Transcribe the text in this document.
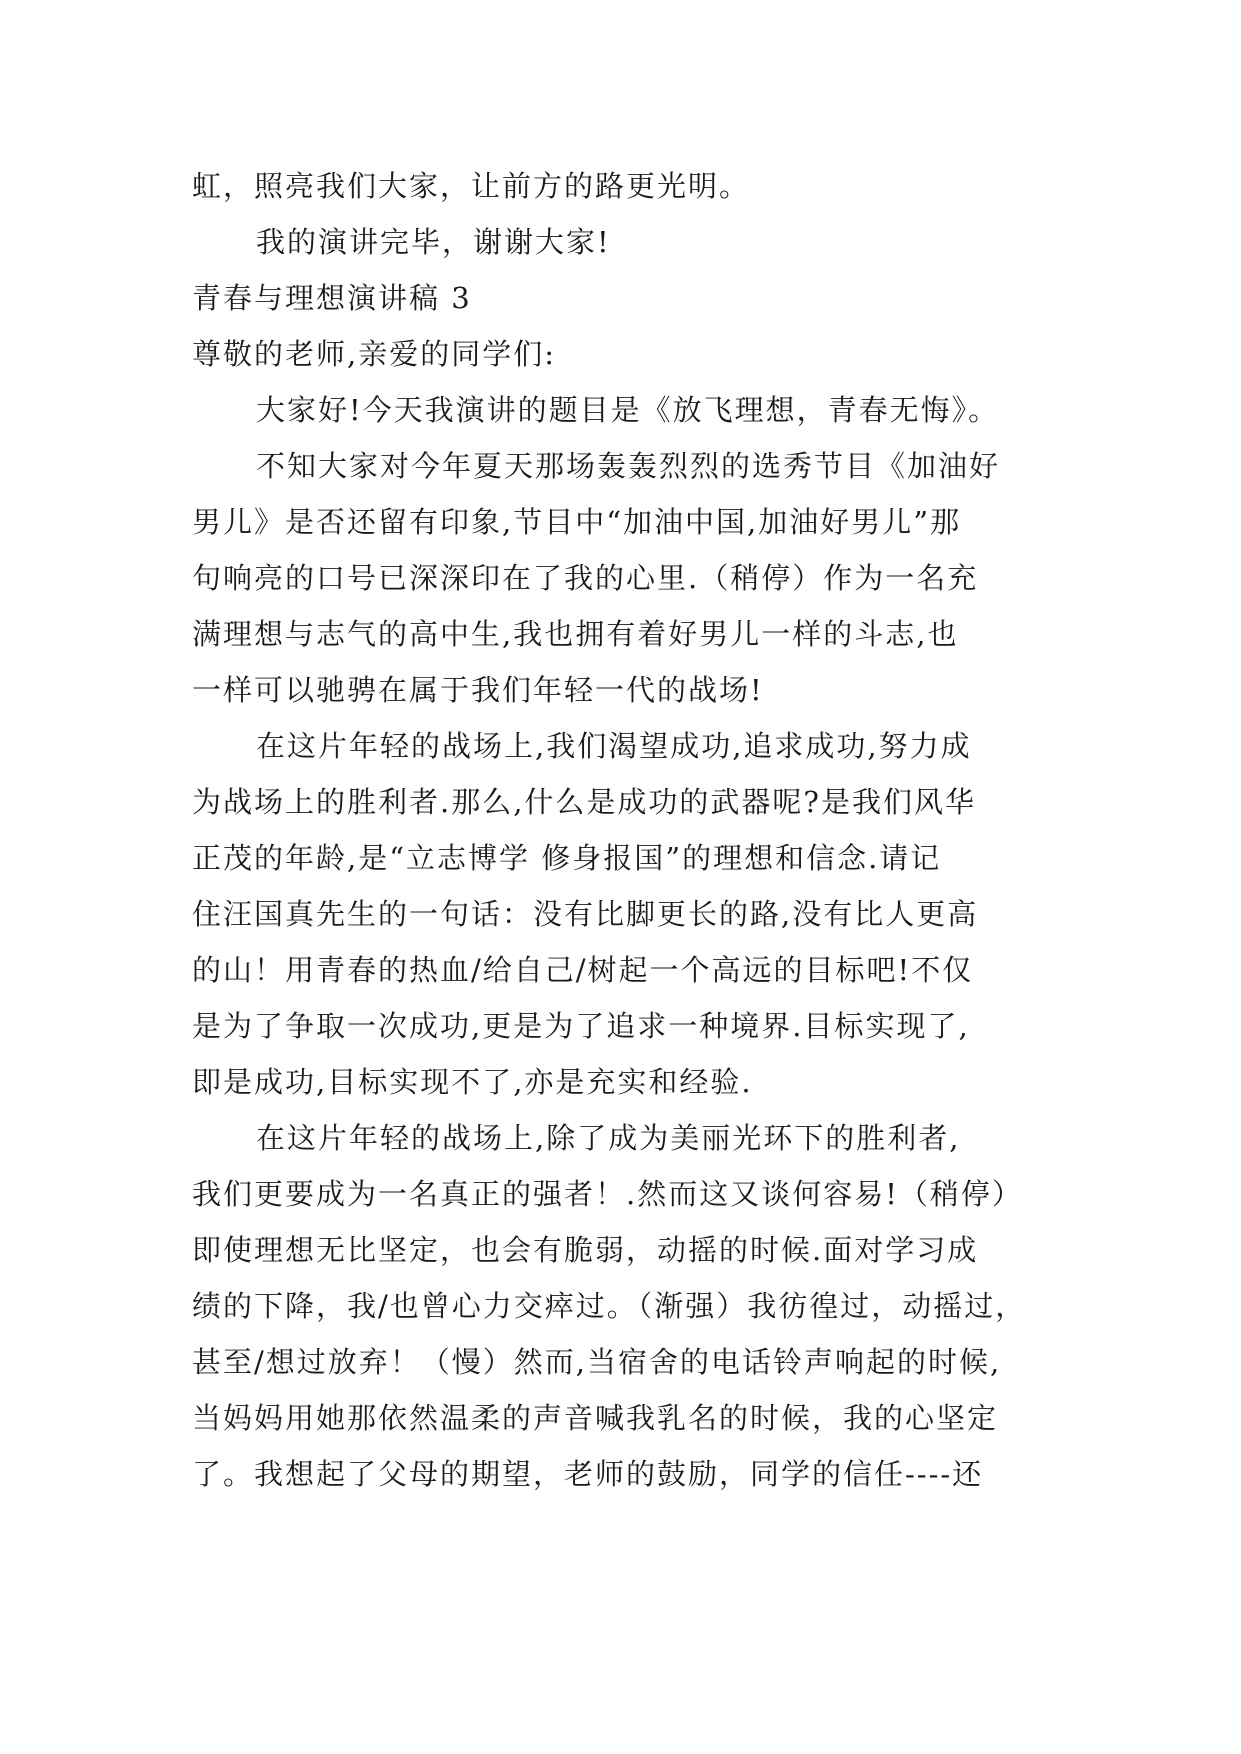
虹，照亮我们大家，让前方的路更光明。
我的演讲完毕，谢谢大家!
青春与理想演讲稿 3
尊敬的老师,亲爱的同学们:
大家好!今天我演讲的题目是《放飞理想，青春无悔》。
不知大家对今年夏天那场轰轰烈烈的选秀节目《加油好
男儿》是否还留有印象,节目中“加油中国,加油好男儿”那
句响亮的口号已深深印在了我的心里.（稍停）作为一名充
满理想与志气的高中生,我也拥有着好男儿一样的斗志,也
一样可以驰骋在属于我们年轻一代的战场!
在这片年轻的战场上,我们渴望成功,追求成功,努力成
为战场上的胜利者.那么,什么是成功的武器呢?是我们风华
正茂的年龄,是“立志博学 修身报国”的理想和信念.请记
住汪国真先生的一句话：没有比脚更长的路,没有比人更高
的山！用青春的热血/给自己/树起一个高远的目标吧!不仅
是为了争取一次成功,更是为了追求一种境界.目标实现了,
即是成功,目标实现不了,亦是充实和经验.
在这片年轻的战场上,除了成为美丽光环下的胜利者,
我们更要成为一名真正的强者！.然而这又谈何容易!（稍停）
即使理想无比坚定，也会有脆弱，动摇的时候.面对学习成
绩的下降，我/也曾心力交瘁过。（渐强）我彷徨过，动摇过，
甚至/想过放弃！（慢）然而,当宿舍的电话铃声响起的时候,
当妈妈用她那依然温柔的声音喊我乳名的时候，我的心坚定
了。我想起了父母的期望，老师的鼓励，同学的信任----还
